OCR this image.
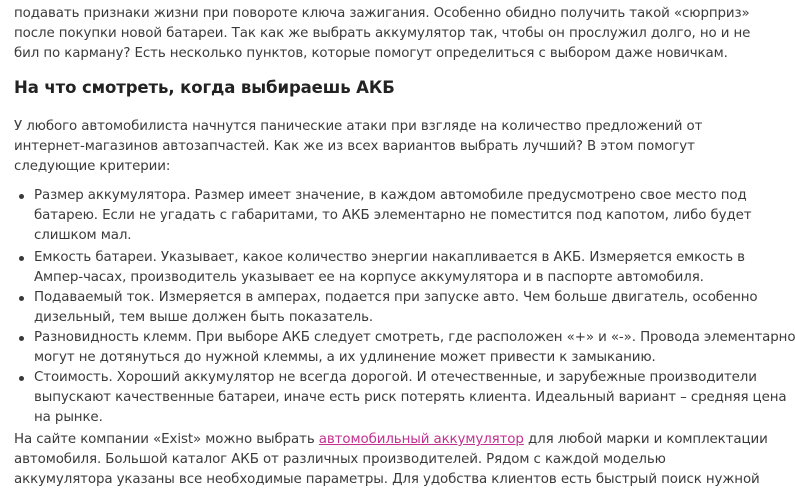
подавать признаки жизни при повороте ключа зажигания. Особенно обидно получить такой «сюрприз»
после покупки новой батареи. Так как же выбрать аккумулятор так, чтобы он прослужил долго, но и не
бил по карману? Есть несколько пунктов, которые помогут определиться с выбором даже новичкам.
На что смотреть, когда выбираешь АКБ
У любого автомобилиста начнутся панические атаки при взгляде на количество предложений от
интернет-магазинов автозапчастей. Как же из всех вариантов выбрать лучший? В этом помогут
следующие критерии:
Размер аккумулятора. Размер имеет значение, в каждом автомобиле предусмотрено свое место под
батарею. Если не угадать с габаритами, то АКБ элементарно не поместится под капотом, либо будет
слишком мал.
Емкость батареи. Указывает, какое количество энергии накапливается в АКБ. Измеряется емкость в
Ампер-часах, производитель указывает ее на корпусе аккумулятора и в паспорте автомобиля.
Подаваемый ток. Измеряется в амперах, подается при запуске авто. Чем больше двигатель, особенно
дизельный, тем выше должен быть показатель.
Разновидность клемм. При выборе АКБ следует смотреть, где расположен «+» и «-». Провода элементарно
могут не дотянуться до нужной клеммы, а их удлинение может привести к замыканию.
Стоимость. Хороший аккумулятор не всегда дорогой. И отечественные, и зарубежные производители
выпускают качественные батареи, иначе есть риск потерять клиента. Идеальный вариант – средняя цена
на рынке.
На сайте компании «Exist» можно выбрать автомобильный аккумулятор для любой марки и комплектации
автомобиля. Большой каталог АКБ от различных производителей. Рядом с каждой моделью
аккумулятора указаны все необходимые параметры. Для удобства клиентов есть быстрый поиск нужной
